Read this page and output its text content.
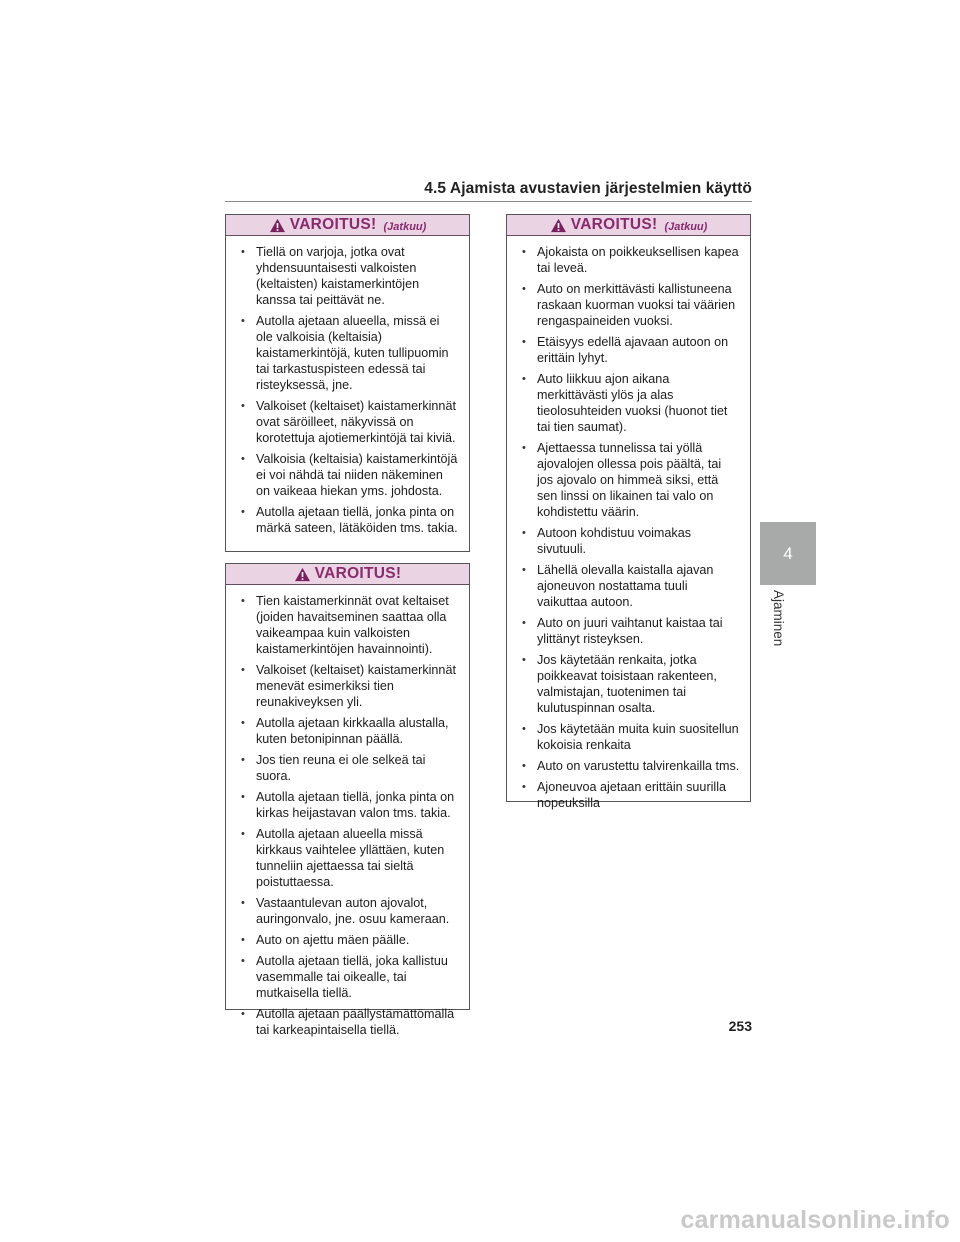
4.5 Ajamista avustavien järjestelmien käyttö
VAROITUS! (Jatkuu)
• Tiellä on varjoja, jotka ovat yhdensuuntaisesti valkoisten (keltaisten) kaistamerkintöjen kanssa tai peittävät ne.
• Autolla ajetaan alueella, missä ei ole valkoisia (keltaisia) kaistamerkintöjä, kuten tullipuomin tai tarkastuspisteen edessä tai risteyksessä, jne.
• Valkoiset (keltaiset) kaistamerkinnät ovat säröilleet, näkyvissä on korotettuja ajotiemerkintöjä tai kiviä.
• Valkoisia (keltaisia) kaistamerkintöjä ei voi nähdä tai niiden näkeminen on vaikeaa hiekan yms. johdosta.
• Autolla ajetaan tiellä, jonka pinta on märkä sateen, lätäköiden tms. takia.
VAROITUS!
• Tien kaistamerkinnät ovat keltaiset (joiden havaitseminen saattaa olla vaikeampaa kuin valkoisten kaistamerkintöjen havainnointi).
• Valkoiset (keltaiset) kaistamerkinnät menevät esimerkiksi tien reunakiveyksen yli.
• Autolla ajetaan kirkkaalla alustalla, kuten betonipinnan päällä.
• Jos tien reuna ei ole selkeä tai suora.
• Autolla ajetaan tiellä, jonka pinta on kirkas heijastavan valon tms. takia.
• Autolla ajetaan alueella missä kirkkaus vaihtelee yllättäen, kuten tunneliin ajettaessa tai sieltä poistuttaessa.
• Vastaantulevan auton ajovalot, auringonvalo, jne. osuu kameraan.
• Auto on ajettu mäen päälle.
• Autolla ajetaan tiellä, joka kallistuu vasemmalle tai oikealle, tai mutkaisella tiellä.
• Autolla ajetaan päällystämättömällä tai karkeapintaisella tiellä.
VAROITUS! (Jatkuu)
• Ajokaista on poikkeuksellisen kapea tai leveä.
• Auto on merkittävästi kallistuneena raskaan kuorman vuoksi tai väärien rengaspaineiden vuoksi.
• Etäisyys edellä ajavaan autoon on erittäin lyhyt.
• Auto liikkuu ajon aikana merkittävästi ylös ja alas tieolosuhteiden vuoksi (huonot tiet tai tien saumat).
• Ajettaessa tunnelissa tai yöllä ajovalojen ollessa pois päältä, tai jos ajovalo on himmeä siksi, että sen linssi on likainen tai valo on kohdistettu väärin.
• Autoon kohdistuu voimakas sivutuuli.
• Lähellä olevalla kaistalla ajavan ajoneuvon nostattama tuuli vaikuttaa autoon.
• Auto on juuri vaihtanut kaistaa tai ylittänyt risteyksen.
• Jos käytetään renkaita, jotka poikkeavat toisistaan rakenteen, valmistajan, tuotenimen tai kulutuspinnan osalta.
• Jos käytetään muita kuin suositellun kokoisia renkaita
• Auto on varustettu talvirenkailla tms.
• Ajoneuvoa ajetaan erittäin suurilla nopeuksilla
4
Ajaminen
253
carmanualsonline.info
